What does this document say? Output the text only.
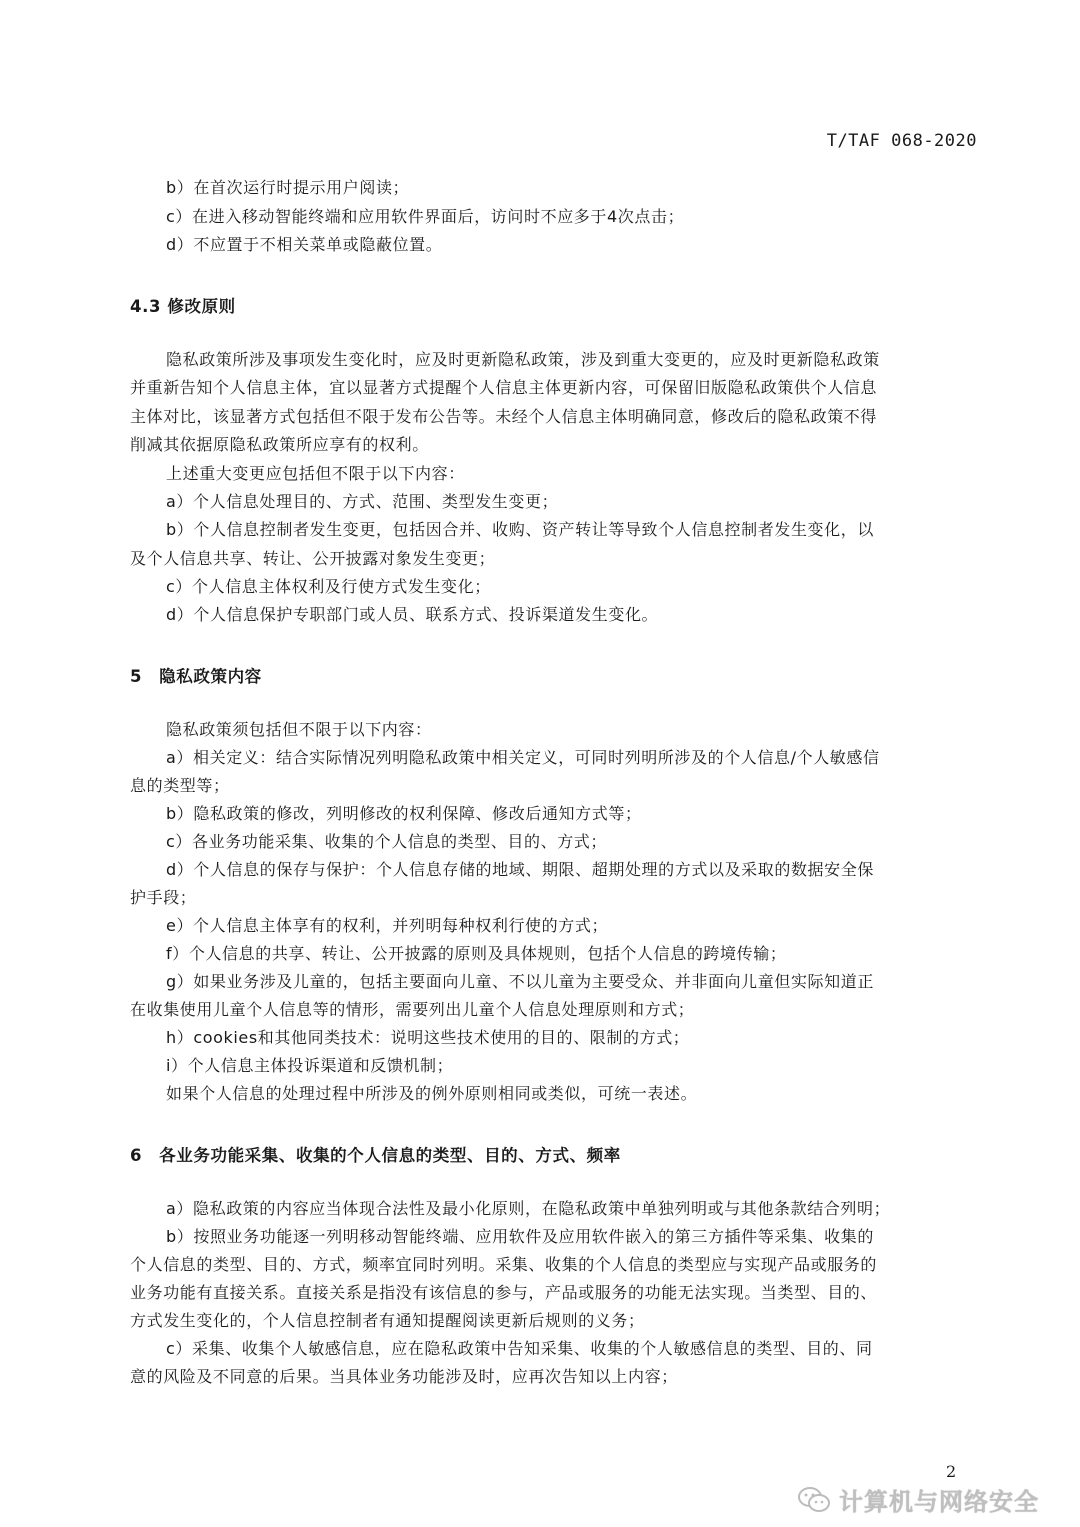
T/TAF 068-2020
b）在首次运行时提示用户阅读；
c）在进入移动智能终端和应用软件界面后，访问时不应多于4次点击；
d）不应置于不相关菜单或隐蔽位置。
4.3 修改原则
隐私政策所涉及事项发生变化时，应及时更新隐私政策，涉及到重大变更的，应及时更新隐私政策
并重新告知个人信息主体，宜以显著方式提醒个人信息主体更新内容，可保留旧版隐私政策供个人信息
主体对比，该显著方式包括但不限于发布公告等。未经个人信息主体明确同意，修改后的隐私政策不得
削减其依据原隐私政策所应享有的权利。
上述重大变更应包括但不限于以下内容：
a）个人信息处理目的、方式、范围、类型发生变更；
b）个人信息控制者发生变更，包括因合并、收购、资产转让等导致个人信息控制者发生变化，以
及个人信息共享、转让、公开披露对象发生变更；
c）个人信息主体权利及行使方式发生变化；
d）个人信息保护专职部门或人员、联系方式、投诉渠道发生变化。
5　隐私政策内容
隐私政策须包括但不限于以下内容：
a）相关定义：结合实际情况列明隐私政策中相关定义，可同时列明所涉及的个人信息/个人敏感信
息的类型等；
b）隐私政策的修改，列明修改的权利保障、修改后通知方式等；
c）各业务功能采集、收集的个人信息的类型、目的、方式；
d）个人信息的保存与保护：个人信息存储的地域、期限、超期处理的方式以及采取的数据安全保
护手段；
e）个人信息主体享有的权利，并列明每种权利行使的方式；
f）个人信息的共享、转让、公开披露的原则及具体规则，包括个人信息的跨境传输；
g）如果业务涉及儿童的，包括主要面向儿童、不以儿童为主要受众、并非面向儿童但实际知道正
在收集使用儿童个人信息等的情形，需要列出儿童个人信息处理原则和方式；
h）cookies和其他同类技术：说明这些技术使用的目的、限制的方式；
i）个人信息主体投诉渠道和反馈机制；
如果个人信息的处理过程中所涉及的例外原则相同或类似，可统一表述。
6　各业务功能采集、收集的个人信息的类型、目的、方式、频率
a）隐私政策的内容应当体现合法性及最小化原则，在隐私政策中单独列明或与其他条款结合列明；
b）按照业务功能逐一列明移动智能终端、应用软件及应用软件嵌入的第三方插件等采集、收集的
个人信息的类型、目的、方式，频率宜同时列明。采集、收集的个人信息的类型应与实现产品或服务的
业务功能有直接关系。直接关系是指没有该信息的参与，产品或服务的功能无法实现。当类型、目的、
方式发生变化的，个人信息控制者有通知提醒阅读更新后规则的义务；
c）采集、收集个人敏感信息，应在隐私政策中告知采集、收集的个人敏感信息的类型、目的、同
意的风险及不同意的后果。当具体业务功能涉及时，应再次告知以上内容；
2
计算机与网络安全
